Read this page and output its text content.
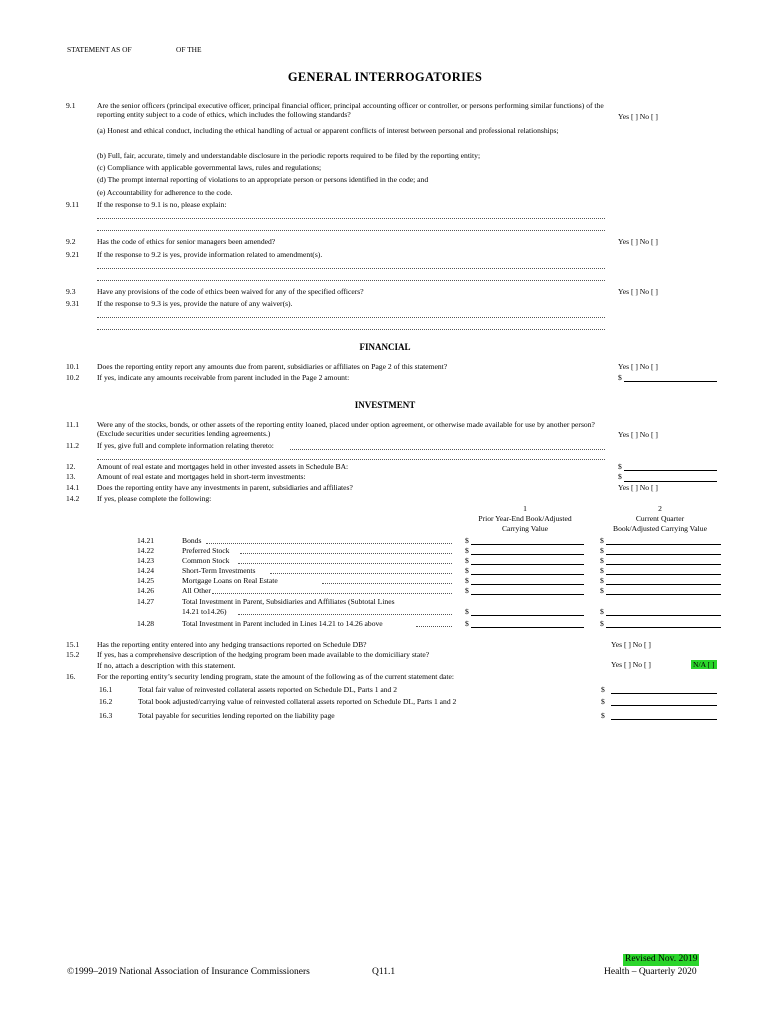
STATEMENT AS OF	OF THE
GENERAL INTERROGATORIES
9.1	Are the senior officers (principal executive officer, principal financial officer, principal accounting officer or controller, or persons performing similar functions) of the reporting entity subject to a code of ethics, which includes the following standards?	Yes [ ] No [ ]
(a) Honest and ethical conduct, including the ethical handling of actual or apparent conflicts of interest between personal and professional relationships;
(b) Full, fair, accurate, timely and understandable disclosure in the periodic reports required to be filed by the reporting entity;
(c) Compliance with applicable governmental laws, rules and regulations;
(d) The prompt internal reporting of violations to an appropriate person or persons identified in the code; and
(e) Accountability for adherence to the code.
9.11 If the response to 9.1 is no, please explain:
9.2	Has the code of ethics for senior managers been amended?	Yes [ ] No [ ]
9.21 If the response to 9.2 is yes, provide information related to amendment(s).
9.3	Have any provisions of the code of ethics been waived for any of the specified officers?	Yes [ ] No [ ]
9.31 If the response to 9.3 is yes, provide the nature of any waiver(s).
FINANCIAL
10.1 Does the reporting entity report any amounts due from parent, subsidiaries or affiliates on Page 2 of this statement?	Yes [ ] No [ ]
10.2 If yes, indicate any amounts receivable from parent included in the Page 2 amount:	$
INVESTMENT
11.1 Were any of the stocks, bonds, or other assets of the reporting entity loaned, placed under option agreement, or otherwise made available for use by another person? (Exclude securities under securities lending agreements.)	Yes [ ] No [ ]
11.2 If yes, give full and complete information relating thereto:
12.	Amount of real estate and mortgages held in other invested assets in Schedule BA:	$
13.	Amount of real estate and mortgages held in short-term investments:	$
14.1 Does the reporting entity have any investments in parent, subsidiaries and affiliates?	Yes [ ] No [ ]
14.2 If yes, please complete the following:
1
Prior Year-End Book/Adjusted
Carrying Value
2
Current Quarter
Book/Adjusted Carrying Value
14.21	Bonds	$	$
14.22	Preferred Stock	$	$
14.23	Common Stock	$	$
14.24	Short-Term Investments	$	$
14.25	Mortgage Loans on Real Estate	$	$
14.26	All Other	$	$
14.27	Total Investment in Parent, Subsidiaries and Affiliates (Subtotal Lines
14.21 to14.26)	$	$
14.28	Total Investment in Parent included in Lines 14.21 to 14.26 above	$	$
15.1 Has the reporting entity entered into any hedging transactions reported on Schedule DB?	Yes [ ] No [ ]
15.2 If yes, has a comprehensive description of the hedging program been made available to the domiciliary state?
If no, attach a description with this statement.	Yes [ ] No [ ]	N/A [ ]
16.	For the reporting entity’s security lending program, state the amount of the following as of the current statement date:
16.1	Total fair value of reinvested collateral assets reported on Schedule DL, Parts 1 and 2	$
16.2	Total book adjusted/carrying value of reinvested collateral assets reported on Schedule DL, Parts 1 and 2	$
16.3	Total payable for securities lending reported on the liability page	$
©1999–2019 National Association of Insurance Commissioners	Q11.1
Revised Nov. 2019
Health – Quarterly 2020
